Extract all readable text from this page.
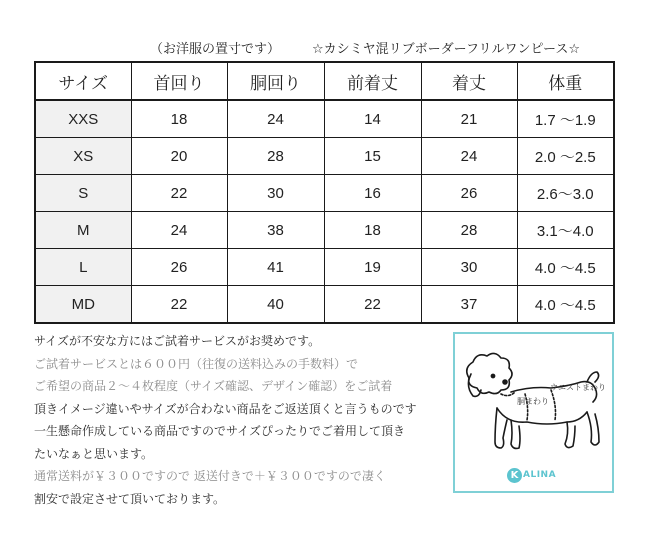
（お洋服の置寸です） ☆カシミヤ混リブボーダーフリルワンピース☆
サイズ	首回り	胴回り	前着丈	着丈	体重
XXS	18	24	14	21	1.7 〜1.9
XS	20	28	15	24	2.0 〜2.5
S	22	30	16	26	2.6〜3.0
M	24	38	18	28	3.1〜4.0
L	26	41	19	30	4.0 〜4.5
MD	22	40	22	37	4.0 〜4.5
サイズが不安な方にはご試着サービスがお奨めです。
ご試着サービスとは６００円（往復の送料込みの手数料）で
ご希望の商品２〜４枚程度（サイズ確認、デザイン確認）をご試着
頂きイメージ違いやサイズが合わない商品をご返送頂くと言うものです
一生懸命作成している商品ですのでサイズぴったりでご着用して頂き
たいなぁと思います。
通常送料が￥３００ですので 返送付きで＋￥３００ですので凄く
割安で設定させて頂いております。
ウエストまわり
胴まわり
K ALINA
